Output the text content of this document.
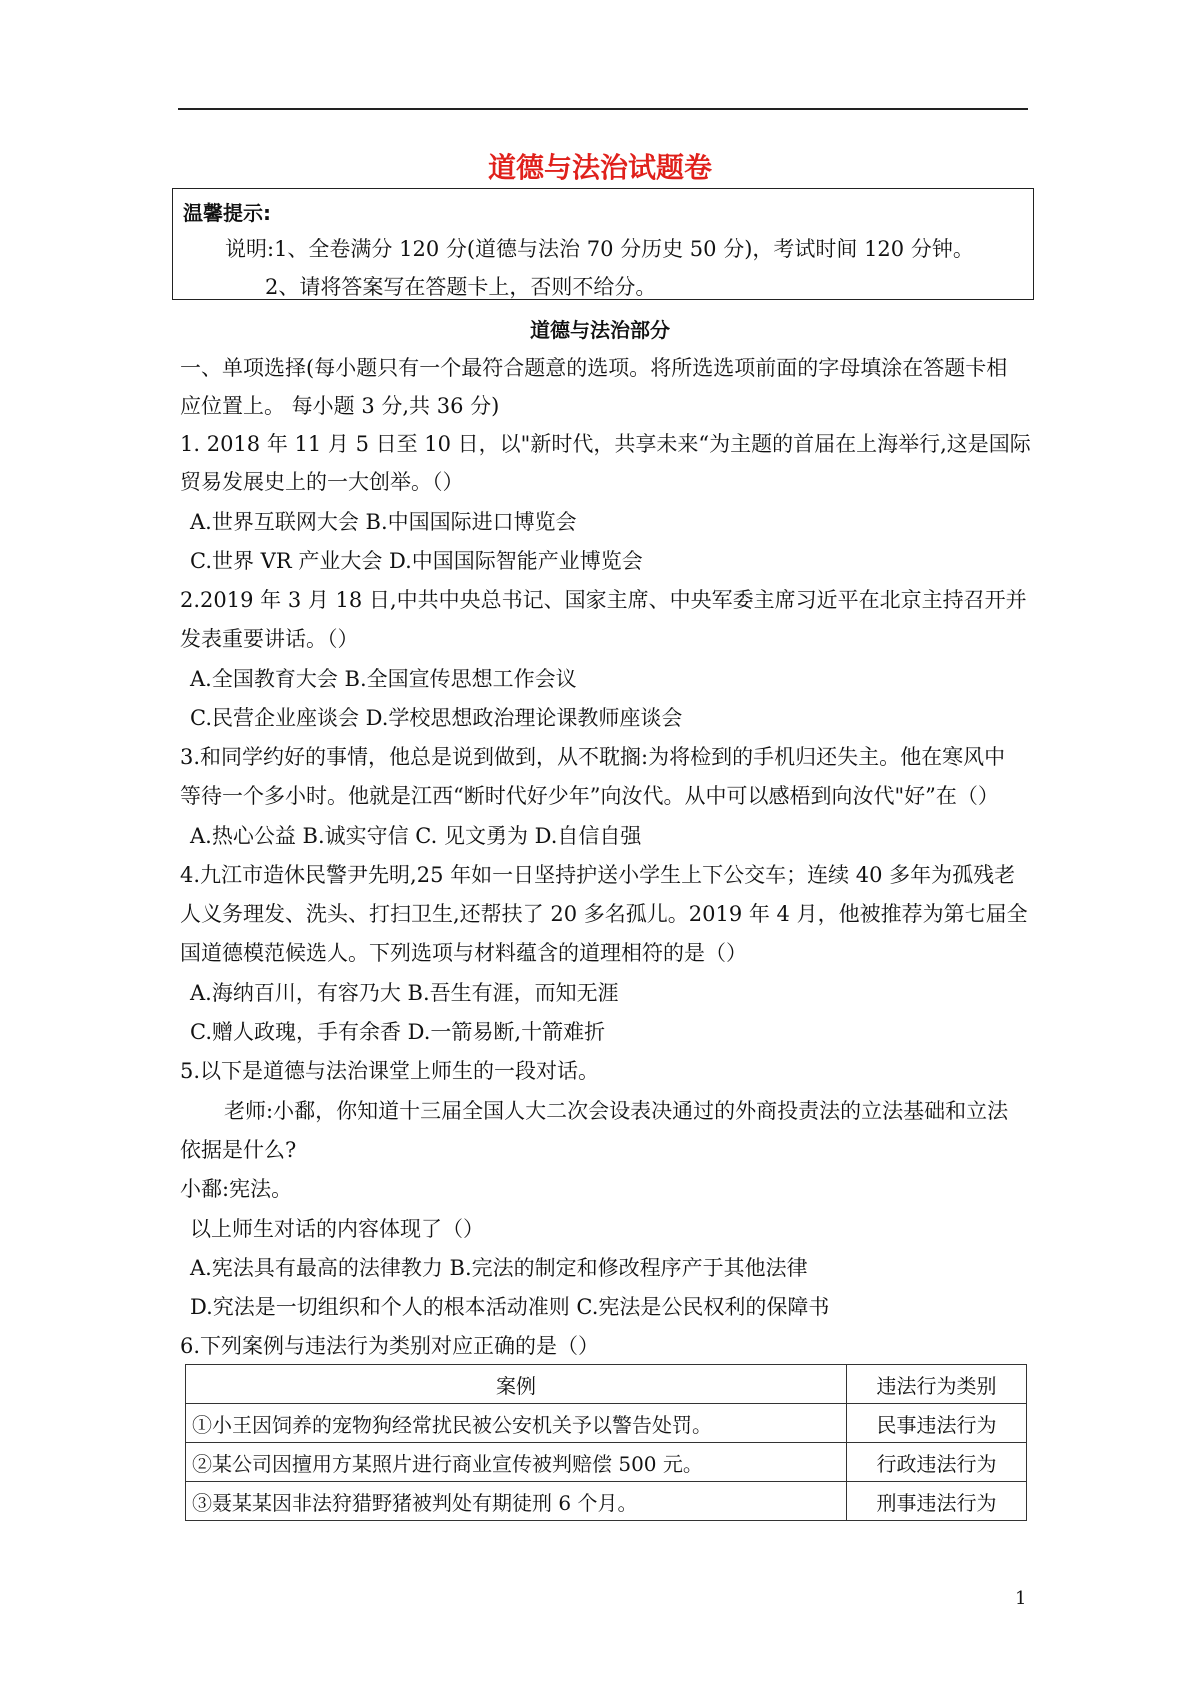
道德与法治试题卷
温馨提示:
说明:1、全卷满分 120 分(道德与法治 70 分历史 50 分)，考试时间 120 分钟。
2、请将答案写在答题卡上，否则不给分。
道德与法治部分
一、单项选择(每小题只有一个最符合题意的选项。将所选选项前面的字母填涂在答题卡相
应位置上。 每小题 3 分,共 36 分)
1. 2018 年 11 月 5 日至 10 日，以"新时代，共享未来“为主题的首届在上海举行,这是国际
贸易发展史上的一大创举。（）
A.世界互联网大会 B.中国国际进口博览会
C.世界 VR 产业大会 D.中国国际智能产业博览会
2.2019 年 3 月 18 日,中共中央总书记、国家主席、中央军委主席习近平在北京主持召开并
发表重要讲话。（）
A.全国教育大会 B.全国宣传思想工作会议
C.民营企业座谈会 D.学校思想政治理论课教师座谈会
3.和同学约好的事情，他总是说到做到，从不耽搁:为将检到的手机归还失主。他在寒风中
等待一个多小时。他就是江西“断时代好少年”向汝代。从中可以感梧到向汝代"好”在（）
A.热心公益 B.诚实守信 C. 见文勇为 D.自信自强
4.九江市造休民警尹先明,25 年如一日坚持护送小学生上下公交车；连续 40 多年为孤残老
人义务理发、洗头、打扫卫生,还帮扶了 20 多名孤儿。2019 年 4 月，他被推荐为第七届全
国道德模范候选人。下列选项与材料蕴含的道理相符的是（）
A.海纳百川，有容乃大 B.吾生有涯，而知无涯
C.赠人政瑰，手有余香 D.一箭易断,十箭难折
5.以下是道德与法治课堂上师生的一段对话。
老师:小鄱，你知道十三届全国人大二次会设表决通过的外商投责法的立法基础和立法
依据是什么?
小鄱:宪法。
以上师生对话的内容体现了（）
A.宪法具有最高的法律教力 B.完法的制定和修改程序产于其他法律
D.究法是一切组织和个人的根本活动准则 C.宪法是公民权利的保障书
6.下列案例与违法行为类别对应正确的是（）
案例	违法行为类别
①小王因饲养的宠物狗经常扰民被公安机关予以警告处罚。	民事违法行为
②某公司因擅用方某照片进行商业宣传被判赔偿 500 元。	行政违法行为
③聂某某因非法狩猎野猪被判处有期徒刑 6 个月。	刑事违法行为
1
